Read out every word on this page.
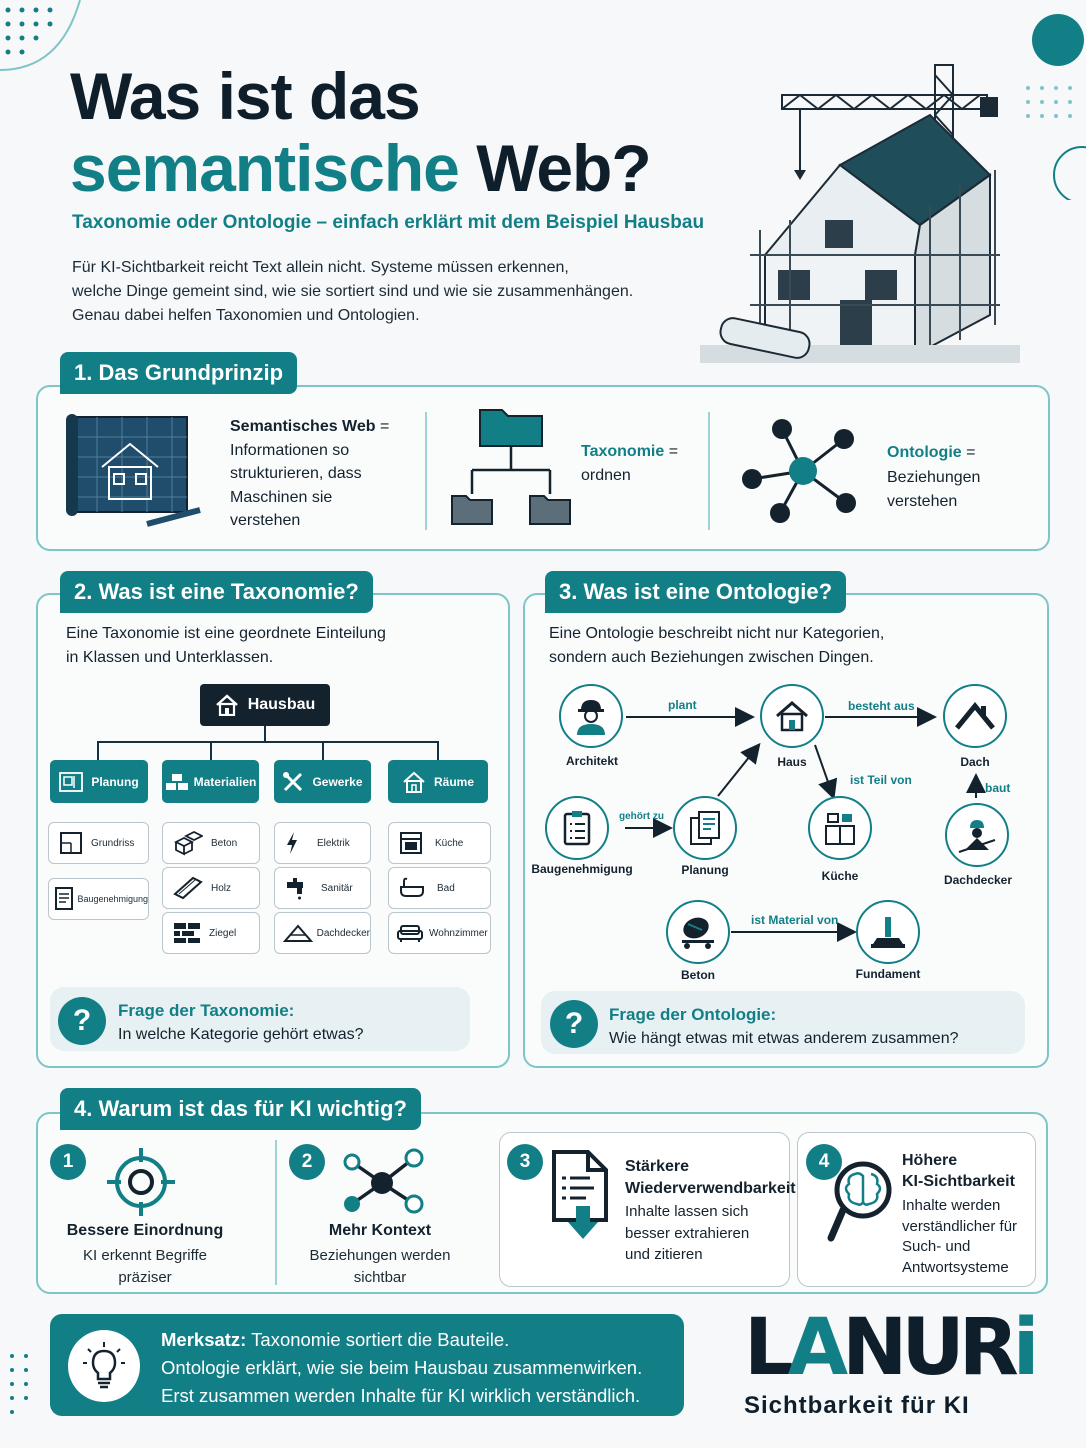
Was ist das
semantische Web?
Taxonomie oder Ontologie – einfach erklärt mit dem Beispiel Hausbau
Für KI-Sichtbarkeit reicht Text allein nicht. Systeme müssen erkennen,
welche Dinge gemeint sind, wie sie sortiert sind und wie sie zusammenhängen.
Genau dabei helfen Taxonomien und Ontologien.
1. Das Grundprinzip
Semantisches Web =
Informationen so
strukturieren, dass
Maschinen sie
verstehen
Taxonomie =
ordnen
Ontologie =
Beziehungen
verstehen
2. Was ist eine Taxonomie?
Eine Taxonomie ist eine geordnete Einteilung
in Klassen und Unterklassen.
Hausbau
Planung	Materialien	Gewerke	Räume
Grundriss
Baugenehmigung
Beton
Holz
Ziegel
Elektrik
Sanitär
Dachdecker
Küche
Bad
Wohnzimmer
?	Frage der Taxonomie:
In welche Kategorie gehört etwas?
3. Was ist eine Ontologie?
Eine Ontologie beschreibt nicht nur Kategorien,
sondern auch Beziehungen zwischen Dingen.
plant	besteht aus
ist Teil von
baut
gehört zu
ist Material von
Architekt	Haus	Dach
Baugenehmigung	Planung	Küche	Dachdecker
Beton	Fundament
?	Frage der Ontologie:
Wie hängt etwas mit etwas anderem zusammen?
4. Warum ist das für KI wichtig?
1
Bessere Einordnung
KI erkennt Begriffe
präziser
2
Mehr Kontext
Beziehungen werden
sichtbar
3	Stärkere
Wiederverwendbarkeit
Inhalte lassen sich
besser extrahieren
und zitieren
4	Höhere
KI-Sichtbarkeit
Inhalte werden
verständlicher für
Such- und
Antwortsysteme
Merksatz: Taxonomie sortiert die Bauteile.
Ontologie erklärt, wie sie beim Hausbau zusammenwirken.
Erst zusammen werden Inhalte für KI wirklich verständlich.
LANURi
Sichtbarkeit für KI
